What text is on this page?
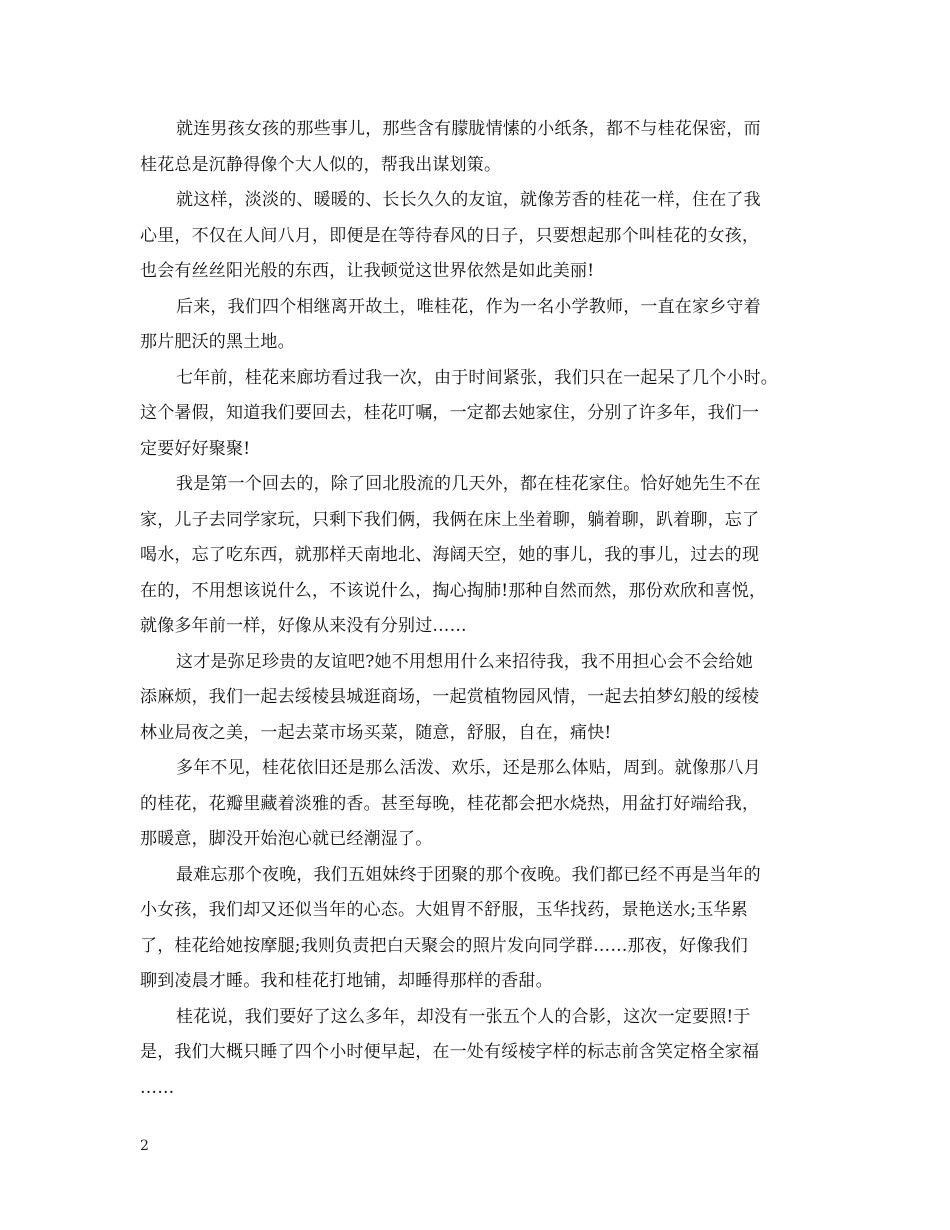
就连男孩女孩的那些事儿，那些含有朦胧情愫的小纸条，都不与桂花保密，而
桂花总是沉静得像个大人似的，帮我出谋划策。

就这样，淡淡的、暖暖的、长长久久的友谊，就像芳香的桂花一样，住在了我
心里，不仅在人间八月，即便是在等待春风的日子，只要想起那个叫桂花的女孩，
也会有丝丝阳光般的东西，让我顿觉这世界依然是如此美丽!

后来，我们四个相继离开故土，唯桂花，作为一名小学教师，一直在家乡守着
那片肥沃的黑土地。

七年前，桂花来廊坊看过我一次，由于时间紧张，我们只在一起呆了几个小时。
这个暑假，知道我们要回去，桂花叮嘱，一定都去她家住，分别了许多年，我们一
定要好好聚聚!

我是第一个回去的，除了回北股流的几天外，都在桂花家住。恰好她先生不在
家，儿子去同学家玩，只剩下我们俩，我俩在床上坐着聊，躺着聊，趴着聊，忘了
喝水，忘了吃东西，就那样天南地北、海阔天空，她的事儿，我的事儿，过去的现
在的，不用想该说什么，不该说什么，掏心掏肺!那种自然而然，那份欢欣和喜悦，
就像多年前一样，好像从来没有分别过……

这才是弥足珍贵的友谊吧?她不用想用什么来招待我，我不用担心会不会给她
添麻烦，我们一起去绥棱县城逛商场，一起赏植物园风情，一起去拍梦幻般的绥棱
林业局夜之美，一起去菜市场买菜，随意，舒服，自在，痛快!

多年不见，桂花依旧还是那么活泼、欢乐，还是那么体贴，周到。就像那八月
的桂花，花瓣里藏着淡雅的香。甚至每晚，桂花都会把水烧热，用盆打好端给我，
那暖意，脚没开始泡心就已经潮湿了。

最难忘那个夜晚，我们五姐妹终于团聚的那个夜晚。我们都已经不再是当年的
小女孩，我们却又还似当年的心态。大姐胃不舒服，玉华找药，景艳送水;玉华累
了，桂花给她按摩腿;我则负责把白天聚会的照片发向同学群……那夜，好像我们
聊到凌晨才睡。我和桂花打地铺，却睡得那样的香甜。

桂花说，我们要好了这么多年，却没有一张五个人的合影，这次一定要照!于
是，我们大概只睡了四个小时便早起，在一处有绥棱字样的标志前含笑定格全家福
……

2
